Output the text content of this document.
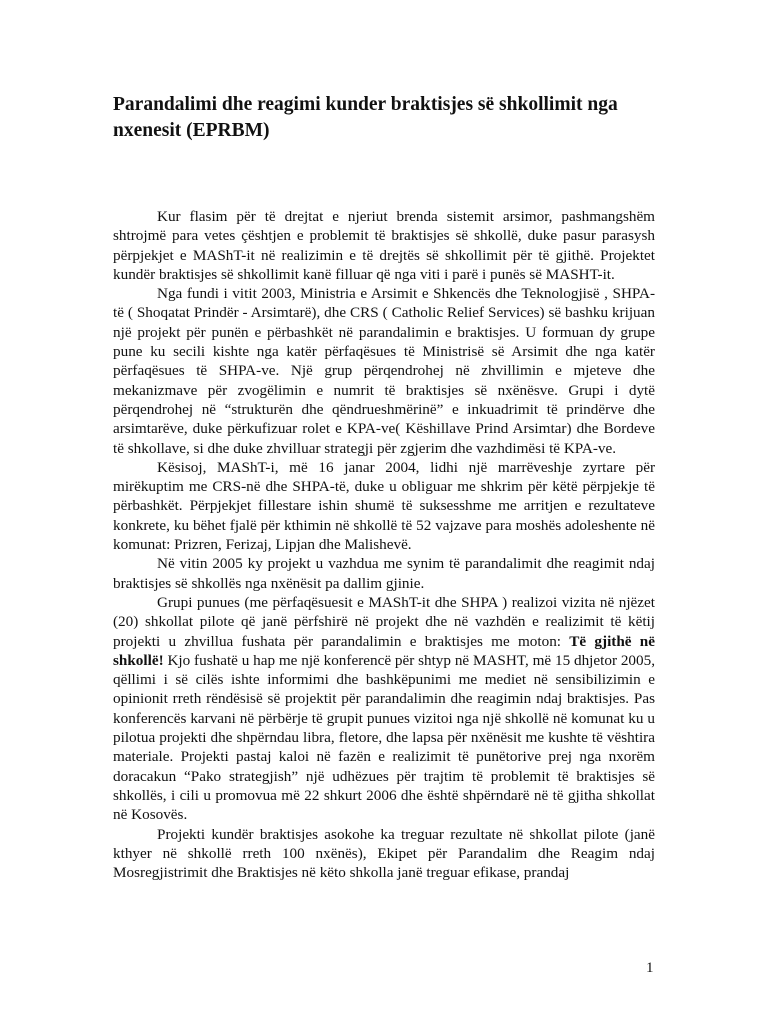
Parandalimi dhe reagimi kunder braktisjes së shkollimit nga nxenesit (EPRBM)

Kur flasim për të drejtat e njeriut brenda sistemit arsimor, pashmangshëm shtrojmë para vetes çështjen e problemit të braktisjes së shkollë, duke pasur parasysh përpjekjet e MAShT-it në realizimin e të drejtës së shkollimit për të gjithë. Projektet kundër braktisjes së shkollimit kanë filluar që nga viti i parë i punës së MASHT-it.

Nga fundi i vitit 2003, Ministria e Arsimit e Shkencës dhe Teknologjisë , SHPA-të ( Shoqatat Prindër - Arsimtarë), dhe CRS ( Catholic Relief Services) së bashku krijuan një projekt për punën e përbashkët në parandalimin e braktisjes. U formuan dy grupe pune ku secili kishte nga katër përfaqësues të Ministrisë së Arsimit dhe nga katër përfaqësues të SHPA-ve. Një grup përqendrohej në zhvillimin e mjeteve dhe mekanizmave për zvogëlimin e numrit të braktisjes së nxënësve. Grupi i dytë përqendrohej në “strukturën dhe qëndrueshmërinë” e inkuadrimit të prindërve dhe arsimtarëve, duke përkufizuar rolet e KPA-ve( Këshillave Prind Arsimtar) dhe Bordeve të shkollave, si dhe duke zhvilluar strategji për zgjerim dhe vazhdimësi të KPA-ve.

Kësisoj, MAShT-i, më 16 janar 2004, lidhi një marrëveshje zyrtare për mirëkuptim me CRS-në dhe SHPA-të, duke u obliguar me shkrim për këtë përpjekje të përbashkët. Përpjekjet fillestare ishin shumë të suksesshme me arritjen e rezultateve konkrete, ku bëhet fjalë për kthimin në shkollë të 52 vajzave para moshës adoleshente në komunat: Prizren, Ferizaj, Lipjan dhe Malishevë.

Në vitin 2005 ky projekt u vazhdua me synim të parandalimit dhe reagimit ndaj braktisjes së shkollës nga nxënësit pa dallim gjinie.

Grupi punues (me përfaqësuesit e MAShT-it dhe SHPA ) realizoi vizita në njëzet (20) shkollat pilote që janë përfshirë në projekt dhe në vazhdën e realizimit të këtij projekti u zhvillua fushata për parandalimin e braktisjes me moton: Të gjithë në shkollë! Kjo fushatë u hap me një konferencë për shtyp në MASHT, më 15 dhjetor 2005, qëllimi i së cilës ishte informimi dhe bashkëpunimi me mediet në sensibilizimin e opinionit rreth rëndësisë së projektit për parandalimin dhe reagimin ndaj braktisjes. Pas konferencës karvani në përbërje të grupit punues vizitoi nga një shkollë në komunat ku u pilotua projekti dhe shpërndau libra, fletore, dhe lapsa për nxënësit me kushte të vështira materiale. Projekti pastaj kaloi në fazën e realizimit të punëtorive prej nga nxorëm doracakun “Pako strategjish” një udhëzues për trajtim të problemit të braktisjes së shkollës, i cili u promovua më 22 shkurt 2006 dhe është shpërndarë në të gjitha shkollat në Kosovës.

Projekti kundër braktisjes asokohe ka treguar rezultate në shkollat pilote (janë kthyer në shkollë rreth 100 nxënës), Ekipet për Parandalim dhe Reagim ndaj Mosregjistrimit dhe Braktisjes në këto shkolla janë treguar efikase, prandaj

1
